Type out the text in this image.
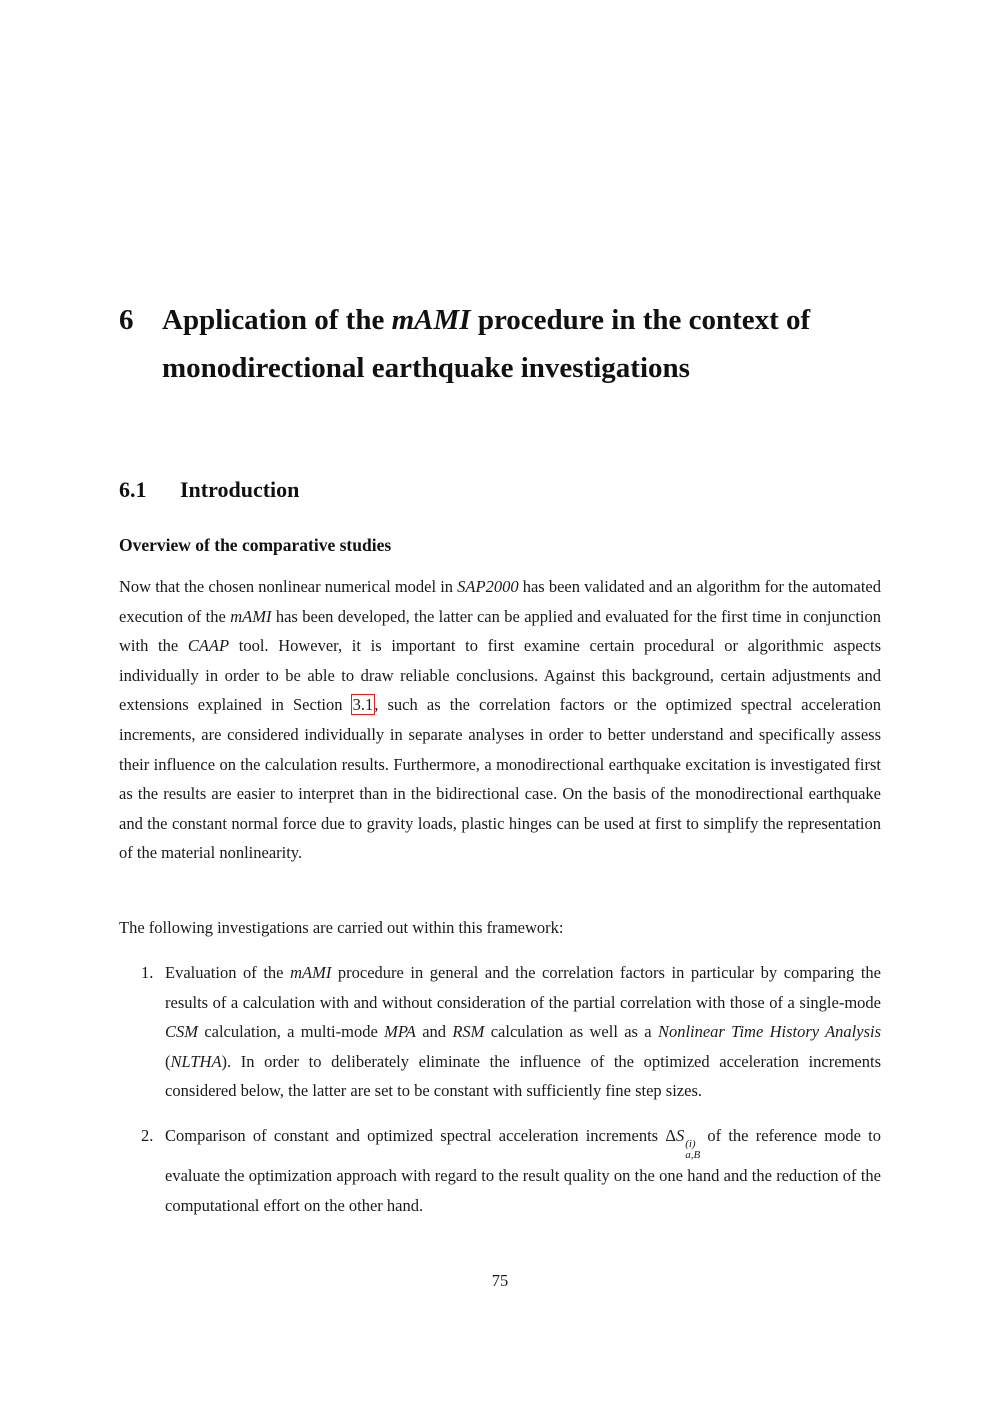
6 Application of the mAMI procedure in the context of monodirectional earthquake investigations
6.1 Introduction
Overview of the comparative studies

Now that the chosen nonlinear numerical model in SAP2000 has been validated and an algorithm for the automated execution of the mAMI has been developed, the latter can be applied and evaluated for the first time in conjunction with the CAAP tool. However, it is important to first examine certain procedural or algorithmic aspects individually in order to be able to draw reliable conclusions. Against this background, certain adjustments and extensions explained in Section 3.1, such as the correlation factors or the optimized spectral acceleration increments, are considered individually in separate analyses in order to better understand and specifically assess their influence on the calculation results. Furthermore, a monodirectional earthquake excitation is investigated first as the results are easier to interpret than in the bidirectional case. On the basis of the monodirectional earthquake and the constant normal force due to gravity loads, plastic hinges can be used at first to simplify the representation of the material nonlinearity.

The following investigations are carried out within this framework:

1. Evaluation of the mAMI procedure in general and the correlation factors in particular by comparing the results of a calculation with and without consideration of the partial correlation with those of a single-mode CSM calculation, a multi-mode MPA and RSM calculation as well as a Nonlinear Time History Analysis (NLTHA). In order to deliberately eliminate the influence of the optimized acceleration increments considered below, the latter are set to be constant with sufficiently fine step sizes.
2. Comparison of constant and optimized spectral acceleration increments ΔS (i)
a,B
of the reference mode to evaluate the optimization approach with regard to the result quality on the one hand and the reduction of the computational effort on the other hand.
75
